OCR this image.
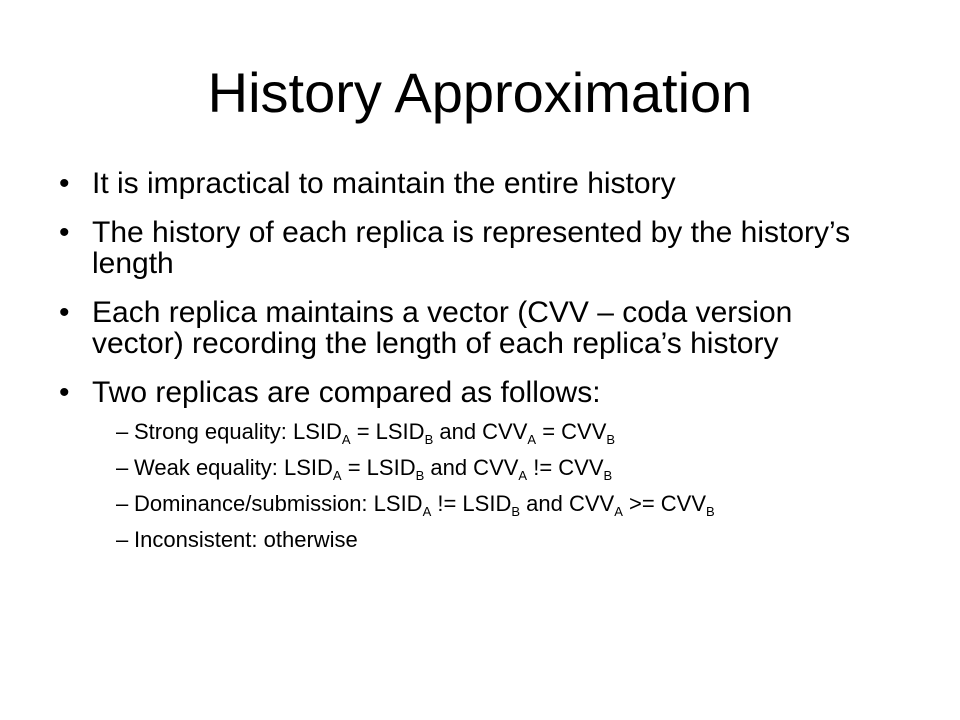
History Approximation
• It is impractical to maintain the entire history
• The history of each replica is represented by the history’s length
• Each replica maintains a vector (CVV – coda version vector) recording the length of each replica’s history
• Two replicas are compared as follows:
– Strong equality: $LSID_A$ = $LSID_B$ and $CVV_A = CVV_B$
– Weak equality: $LSID_A$ = $LSID_B$ and $CVV_A$ != $CVV_B$
– Dominance/submission: $LSID_A$ != $LSID_B$ and $CVV_A >= CVV_B$
– Inconsistent: otherwise
